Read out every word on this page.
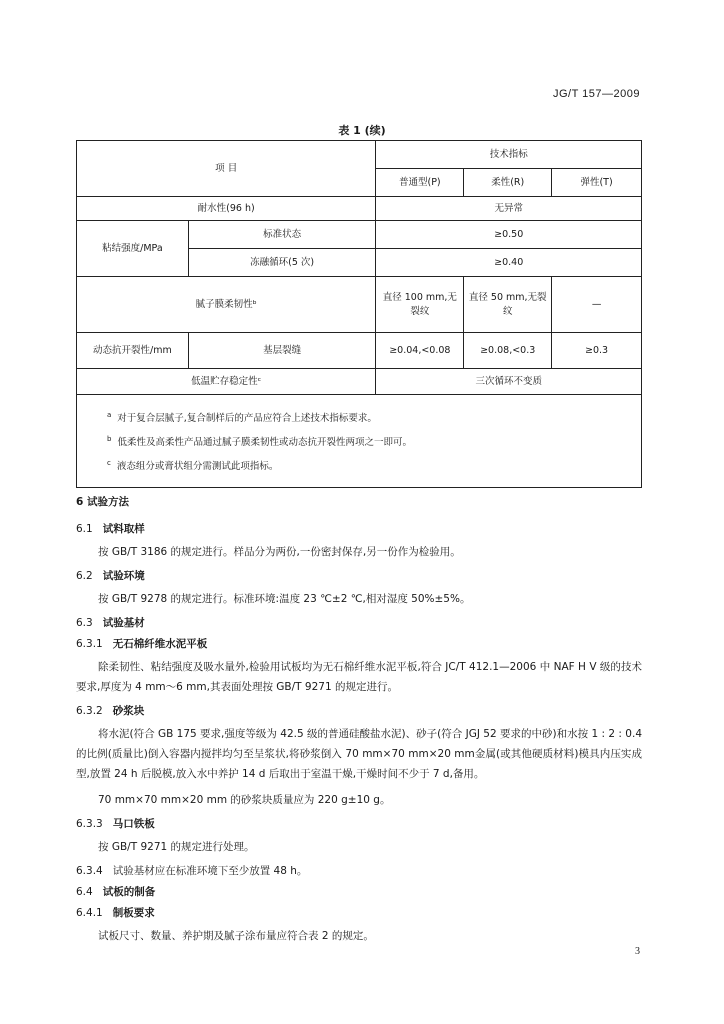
JG/T 157—2009
表 1 (续)
项 目		技术指标		
		普通型(P)	柔性(R)	弹性(T)
耐水性(96 h)		无异常		
粘结强度/MPa	标准状态	≥0.50		
	冻融循环(5 次)	≥0.40		
腻子膜柔韧性ᵇ		直径 100 mm,无裂纹	直径 50 mm,无裂纹	—
动态抗开裂性/mm	基层裂缝	≥0.04,<0.08	≥0.08,<0.3	≥0.3
低温贮存稳定性ᶜ		三次循环不变质		

$^a$ 对于复合层腻子,复合制样后的产品应符合上述技术指标要求。
$^b$ 低柔性及高柔性产品通过腻子膜柔韧性或动态抗开裂性两项之一即可。
$^c$ 液态组分或膏状组分需测试此项指标。				
6 试验方法
6.1 试料取样
按 GB/T 3186 的规定进行。样品分为两份,一份密封保存,另一份作为检验用。
6.2 试验环境
按 GB/T 9278 的规定进行。标准环境:温度 23 ℃±2 ℃,相对湿度 50%±5%。
6.3 试验基材
6.3.1 无石棉纤维水泥平板
除柔韧性、粘结强度及吸水量外,检验用试板均为无石棉纤维水泥平板,符合 JC/T 412.1—2006 中 NAF H V 级的技术要求,厚度为 4 mm～6 mm,其表面处理按 GB/T 9271 的规定进行。
6.3.2 砂浆块
将水泥(符合 GB 175 要求,强度等级为 42.5 级的普通硅酸盐水泥)、砂子(符合 JGJ 52 要求的中砂)和水按 1 : 2 : 0.4 的比例(质量比)倒入容器内搅拌均匀至呈浆状,将砂浆倒入 70 mm×70 mm×20 mm金属(或其他硬质材料)模具内压实成型,放置 24 h 后脱模,放入水中养护 14 d 后取出于室温干燥,干燥时间不少于 7 d,备用。
70 mm×70 mm×20 mm 的砂浆块质量应为 220 g±10 g。
6.3.3 马口铁板
按 GB/T 9271 的规定进行处理。
6.3.4 试验基材应在标准环境下至少放置 48 h。
6.4 试板的制备
6.4.1 制板要求
试板尺寸、数量、养护期及腻子涂布量应符合表 2 的规定。
3
